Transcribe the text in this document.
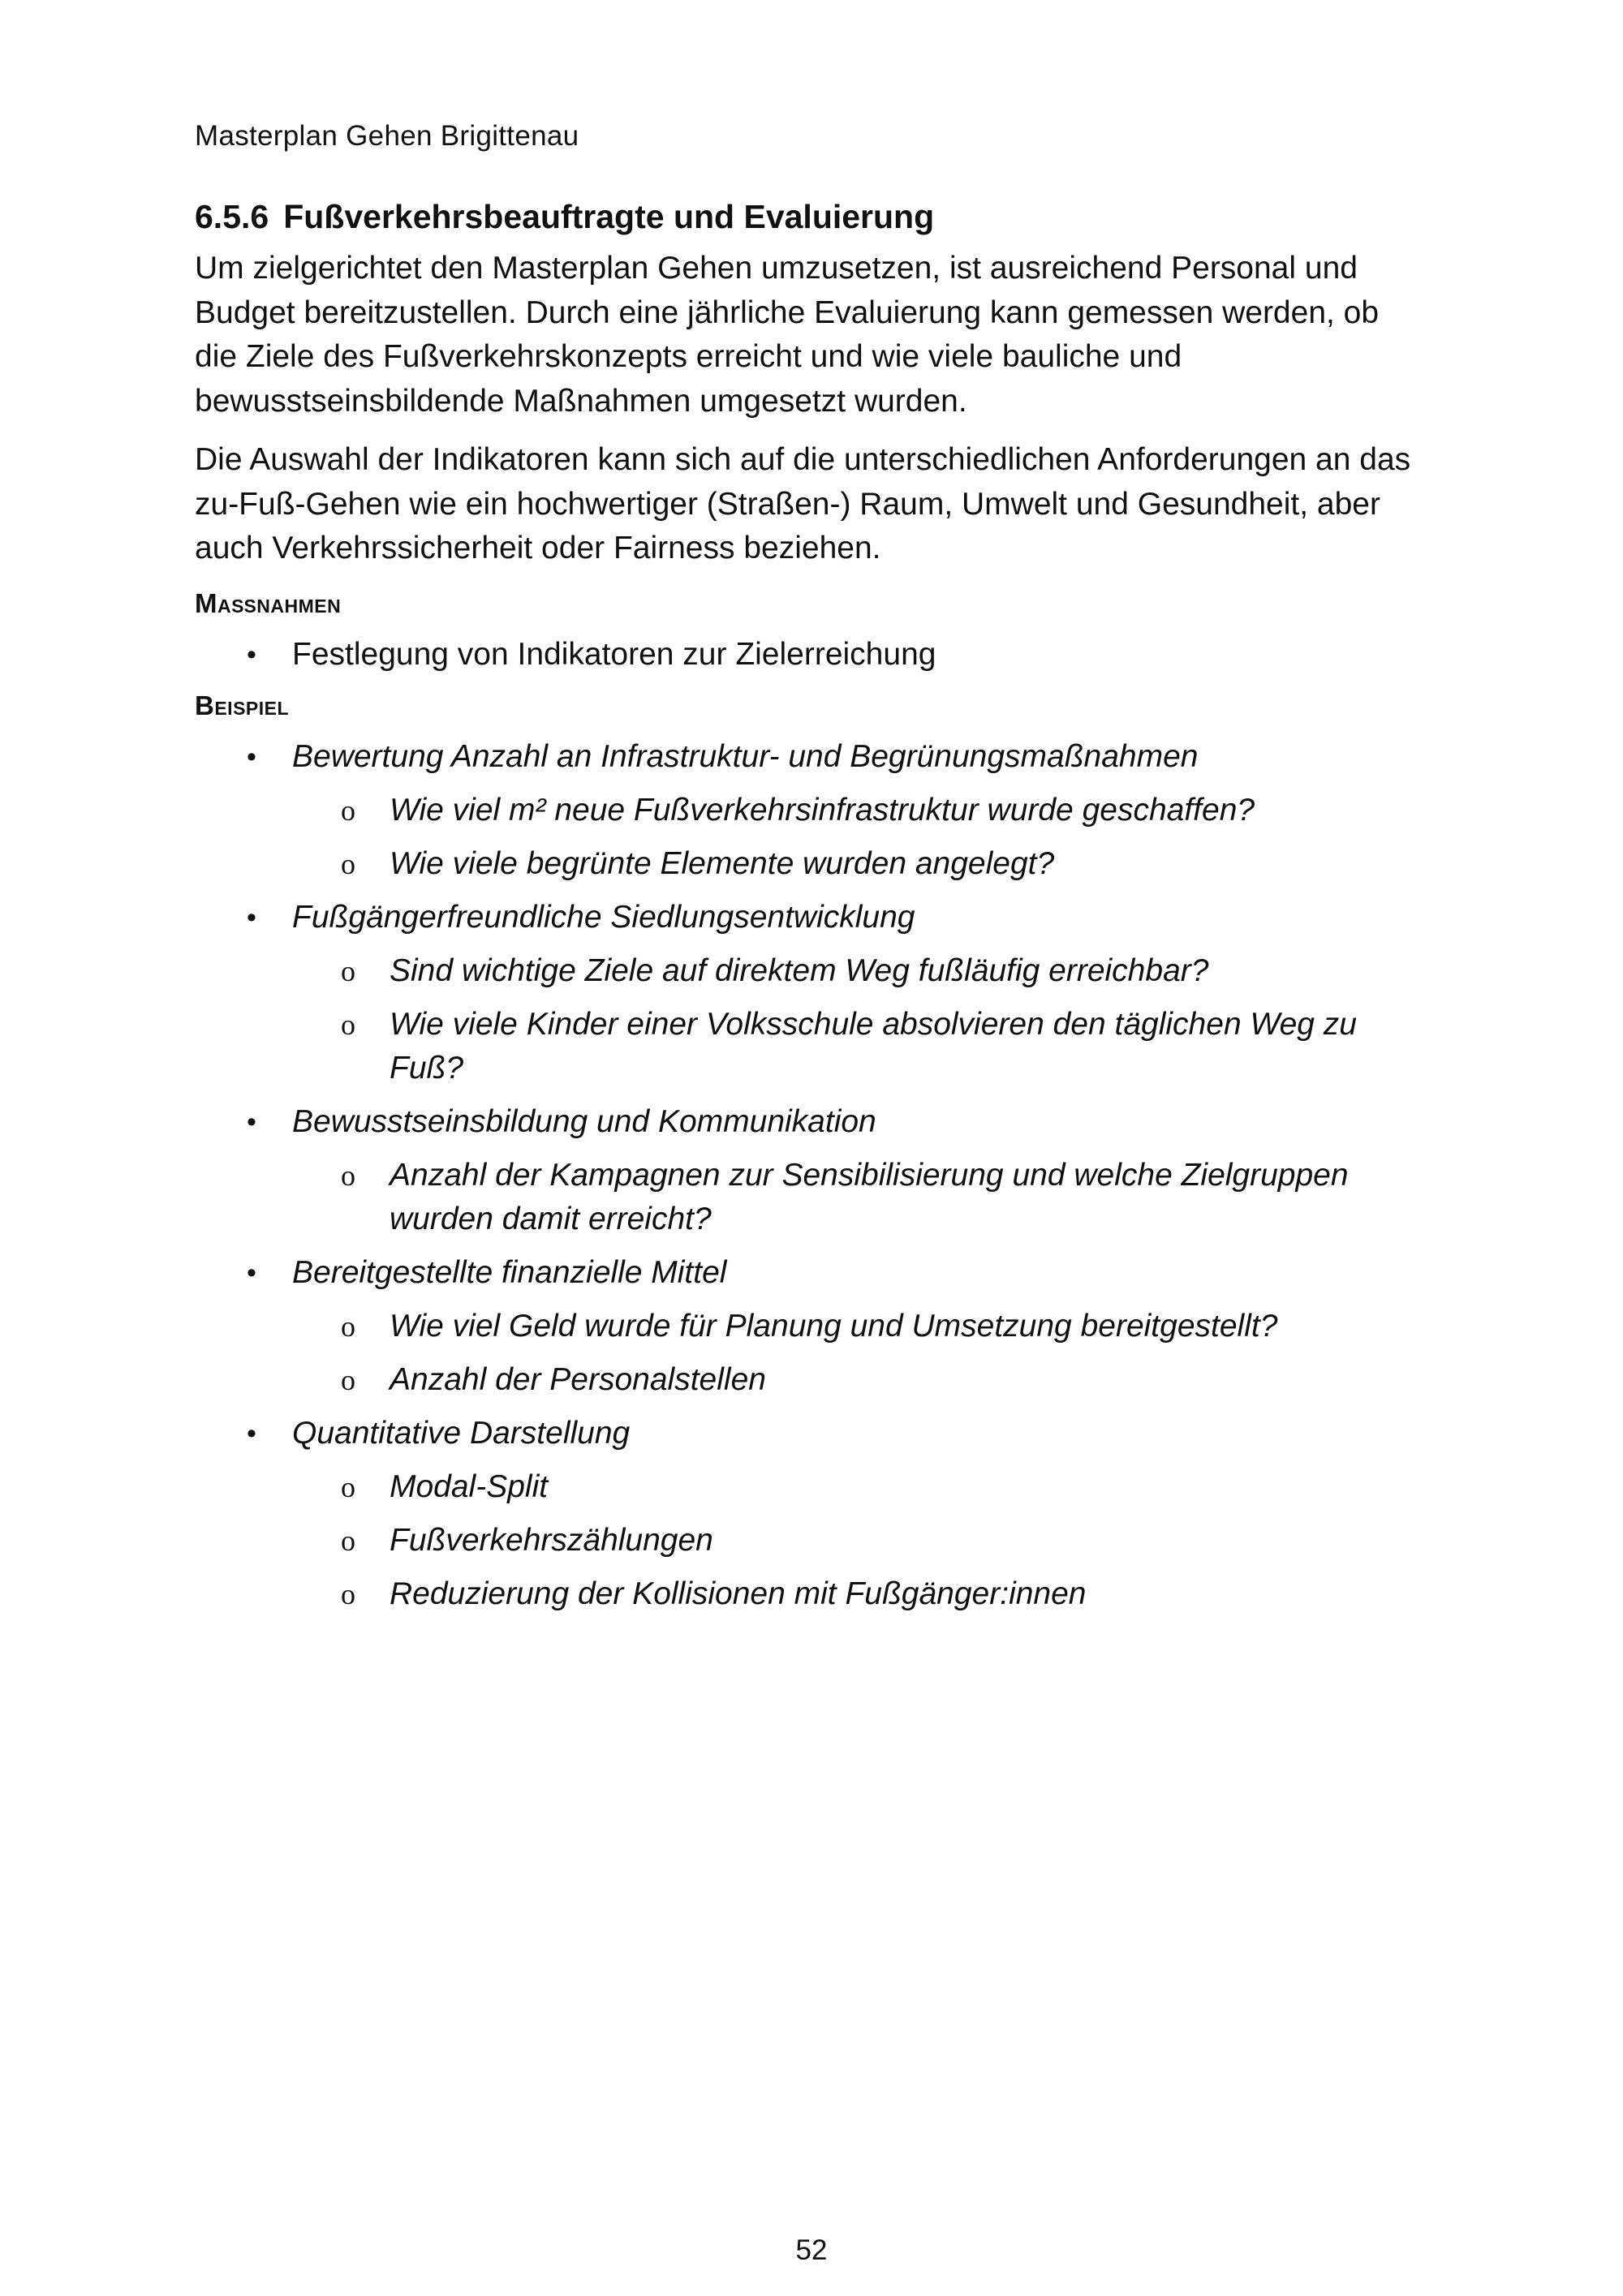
Masterplan Gehen Brigittenau
6.5.6 Fußverkehrsbeauftragte und Evaluierung

Um zielgerichtet den Masterplan Gehen umzusetzen, ist ausreichend Personal und Budget bereitzustellen. Durch eine jährliche Evaluierung kann gemessen werden, ob die Ziele des Fußverkehrskonzepts erreicht und wie viele bauliche und bewusstseinsbildende Maßnahmen umgesetzt wurden.

Die Auswahl der Indikatoren kann sich auf die unterschiedlichen Anforderungen an das zu-Fuß-Gehen wie ein hochwertiger (Straßen-) Raum, Umwelt und Gesundheit, aber auch Verkehrssicherheit oder Fairness beziehen.

Maßnahmen
• Festlegung von Indikatoren zur Zielerreichung
Beispiel
• Bewertung Anzahl an Infrastruktur- und Begrünungsmaßnahmen
o Wie viel m² neue Fußverkehrsinfrastruktur wurde geschaffen?
o Wie viele begrünte Elemente wurden angelegt?
• Fußgängerfreundliche Siedlungsentwicklung
o Sind wichtige Ziele auf direktem Weg fußläufig erreichbar?
o Wie viele Kinder einer Volksschule absolvieren den täglichen Weg zu Fuß?
• Bewusstseinsbildung und Kommunikation
o Anzahl der Kampagnen zur Sensibilisierung und welche Zielgruppen wurden damit erreicht?
• Bereitgestellte finanzielle Mittel
o Wie viel Geld wurde für Planung und Umsetzung bereitgestellt?
o Anzahl der Personalstellen
• Quantitative Darstellung
o Modal-Split
o Fußverkehrszählungen
o Reduzierung der Kollisionen mit Fußgänger:innen
52
